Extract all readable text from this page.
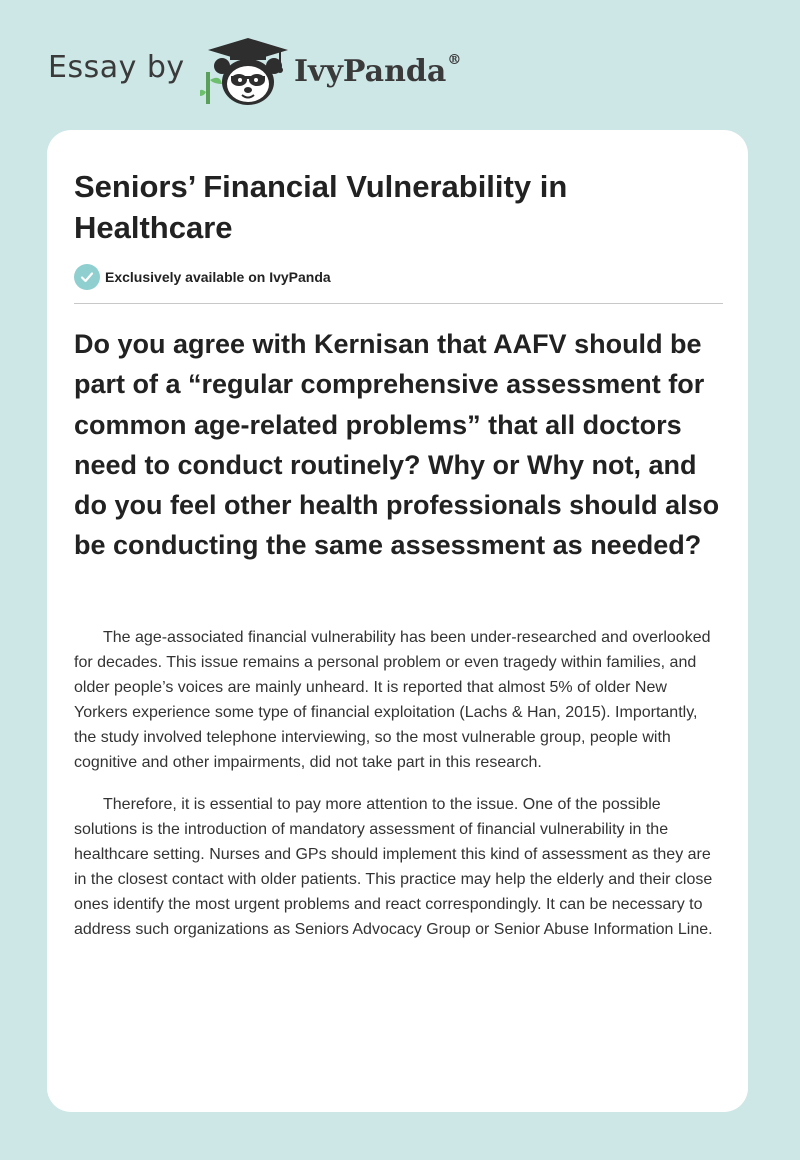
Essay by	IvyPanda®
Seniors’ Financial Vulnerability in Healthcare
Exclusively available on IvyPanda
Do you agree with Kernisan that AAFV should be part of a “regular comprehensive assessment for common age-related problems” that all doctors need to conduct routinely? Why or Why not, and do you feel other health professionals should also be conducting the same assessment as needed?

The age-associated financial vulnerability has been under-researched and overlooked for decades. This issue remains a personal problem or even tragedy within families, and older people’s voices are mainly unheard. It is reported that almost 5% of older New Yorkers experience some type of financial exploitation (Lachs & Han, 2015). Importantly, the study involved telephone interviewing, so the most vulnerable group, people with cognitive and other impairments, did not take part in this research.

Therefore, it is essential to pay more attention to the issue. One of the possible solutions is the introduction of mandatory assessment of financial vulnerability in the healthcare setting. Nurses and GPs should implement this kind of assessment as they are in the closest contact with older patients. This practice may help the elderly and their close ones identify the most urgent problems and react correspondingly. It can be necessary to address such organizations as Seniors Advocacy Group or Senior Abuse Information Line.
